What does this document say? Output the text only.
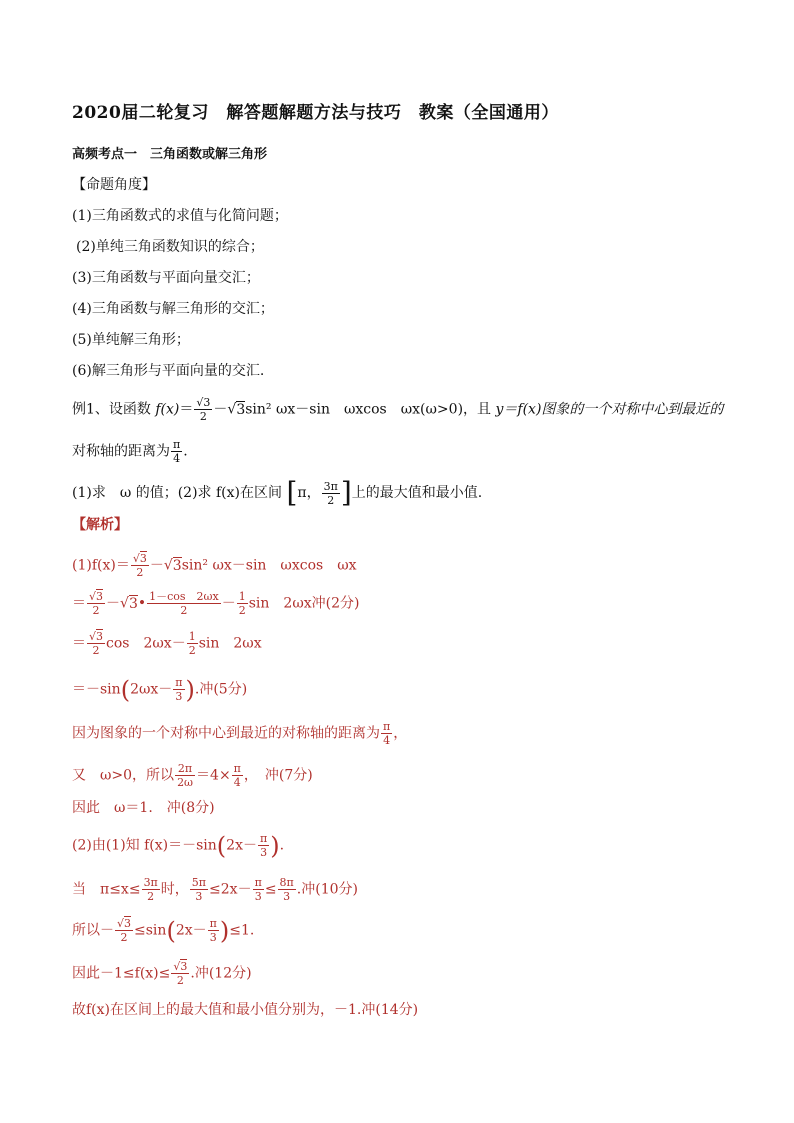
2020届二轮复习　解答题解题方法与技巧　教案（全国通用）
高频考点一　三角函数或解三角形
【命题角度】
(1)三角函数式的求值与化简问题；
(2)单纯三角函数知识的综合；
(3)三角函数与平面向量交汇；
(4)三角函数与解三角形的交汇；
(5)单纯解三角形；
(6)解三角形与平面向量的交汇.
例1、设函数 $f(x)= \frac{√3}{2} -√3\sin^2$ ωx－sin　ωxcos　ωx(ω>0)，且 y＝f(x)图象的一个对称中心到最近的
对称轴的距离为 $\frac{\pi}{4}$ .
(1)求　ω 的值；(2)求 f(x)在区间 [π， $\frac{3\pi}{2}$ ]上的最大值和最小值.
【解析】
$(1)f(x)= \frac{√3}{2} -√3\sin^2$ ωx－sin　ωxcos　ωx
＝ $\frac{√3}{2}$ －√3• $\frac{1-\cos 2\omega x}{2} - \frac{1}{2}$ sin　2ωx冲(2分)
＝ $\frac{√3}{2}$ cos　$2\omega x- \frac{1}{2}$ sin　2ωx
$=-\sin(2\omega x- \frac{\pi}{3}$ ).冲(5分)
因为图象的一个对称中心到最近的对称轴的距离为 $\frac{\pi}{4}$ ，
又　ω>0，所以 $\frac{2\pi}{2\omega} =4\times \frac{\pi}{4}$ ，　冲(7分)
因此　ω＝1.　冲(8分)
(2)由(1)知 $f(x)=-\sin(2x- \frac{\pi}{3}$ ).
当　$\pi\le x\le \frac{3\pi}{2}$ 时， $\frac{5\pi}{3} \le 2x- \frac{\pi}{3} \le \frac{8\pi}{3}$ .冲(10分)
所以－ $\frac{√3}{2} \le\sin(2x- \frac{\pi}{3} )\le 1$.
因此$-1\le f(x)\le \frac{√3}{2}$ .冲(12分)
故f(x)在区间上的最大值和最小值分别为，－1.冲(14分)
